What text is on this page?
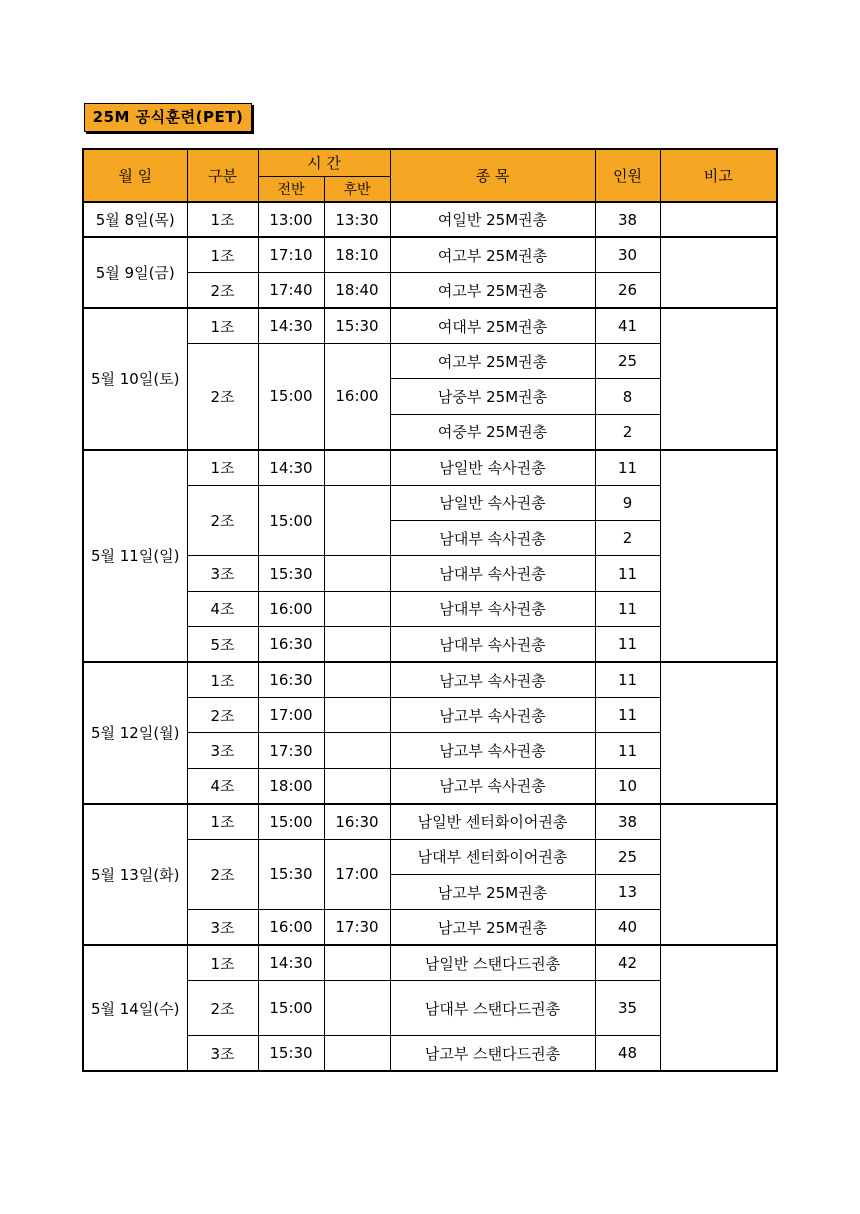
25M 공식훈련(PET)
월 일	구분	시 간		종 목	인원	비고
		전반	후반			
5월 8일(목)	1조	13:00	13:30	여일반 25M권총	38	
5월 9일(금)	1조	17:10	18:10	여고부 25M권총	30	
	2조	17:40	18:40	여고부 25M권총	26	
5월 10일(토)	1조	14:30	15:30	여대부 25M권총	41	
	2조	15:00	16:00	여고부 25M권총	25	
				남중부 25M권총	8	
				여중부 25M권총	2	
5월 11일(일)	1조	14:30		남일반 속사권총	11	
	2조	15:00		남일반 속사권총	9	
				남대부 속사권총	2	
	3조	15:30		남대부 속사권총	11	
	4조	16:00		남대부 속사권총	11	
	5조	16:30		남대부 속사권총	11	
5월 12일(월)	1조	16:30		남고부 속사권총	11	
	2조	17:00		남고부 속사권총	11	
	3조	17:30		남고부 속사권총	11	
	4조	18:00		남고부 속사권총	10	
5월 13일(화)	1조	15:00	16:30	남일반 센터화이어권총	38	
	2조	15:30	17:00	남대부 센터화이어권총	25	
				남고부 25M권총	13	
	3조	16:00	17:30	남고부 25M권총	40	
5월 14일(수)	1조	14:30		남일반 스탠다드권총	42	
	2조	15:00		남대부 스탠다드권총	35	
	3조	15:30		남고부 스탠다드권총	48	
